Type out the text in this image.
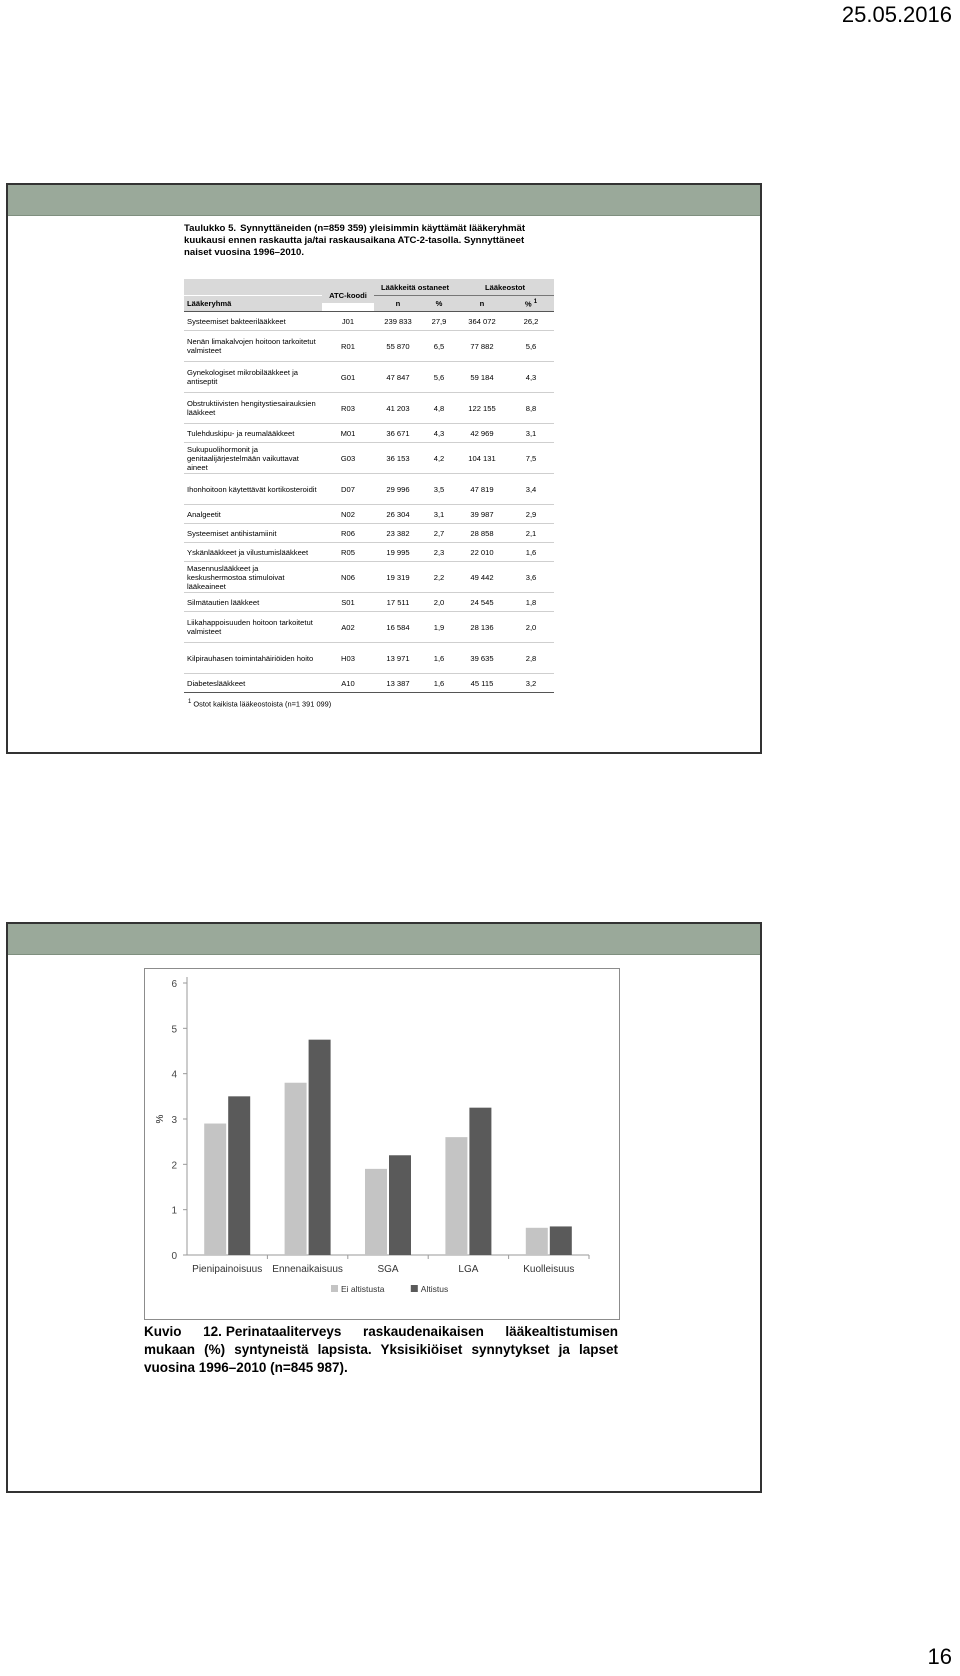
25.05.2016
Taulukko 5. Synnyttäneiden (n=859 359) yleisimmin käyttämät lääkeryhmät kuukausi ennen raskautta ja/tai raskausaikana ATC-2-tasolla. Synnyttäneet naiset vuosina 1996–2010.
		Lääkkeitä ostaneet		Lääkeostot	
Lääkeryhmä	ATC-koodi	n	%	n	% $^1$
Systeemiset bakteerilääkkeet	J01	239 833	27,9	364 072	26,2
Nenän limakalvojen hoitoon tarkoitetut valmisteet	R01	55 870	6,5	77 882	5,6
Gynekologiset mikrobilääkkeet ja antiseptit	G01	47 847	5,6	59 184	4,3
Obstruktiivisten hengitystiesairauksien lääkkeet	R03	41 203	4,8	122 155	8,8
Tulehduskipu- ja reumalääkkeet	M01	36 671	4,3	42 969	3,1
Sukupuolihormonit ja genitaalijärjestelmään vaikuttavat aineet	G03	36 153	4,2	104 131	7,5
Ihonhoitoon käytettävät kortikosteroidit	D07	29 996	3,5	47 819	3,4
Analgeetit	N02	26 304	3,1	39 987	2,9
Systeemiset antihistamiinit	R06	23 382	2,7	28 858	2,1
Yskänlääkkeet ja vilustumislääkkeet	R05	19 995	2,3	22 010	1,6
Masennuslääkkeet ja keskushermostoa stimuloivat lääkeaineet	N06	19 319	2,2	49 442	3,6
Silmätautien lääkkeet	S01	17 511	2,0	24 545	1,8
Liikahappoisuuden hoitoon tarkoitetut valmisteet	A02	16 584	1,9	28 136	2,0
Kilpirauhasen toimintahäiriöiden hoito	H03	13 971	1,6	39 635	2,8
Diabeteslääkkeet	A10	13 387	1,6	45 115	3,2
$^1$ Ostot kaikista lääkeostoista (n=1 391 099)
0
1
2
3
4
5
6
%
Pienipainoisuus Ennenaikaisuus	SGA	LGA	Kuolleisuus
Ei altistusta	Altistus
Kuvio 12. Perinataaliterveys raskaudenaikaisen lääkealtistumisen mukaan (%) syntyneistä lapsista. Yksisikiöiset synnytykset ja lapset vuosina 1996–2010 (n=845 987).
16
